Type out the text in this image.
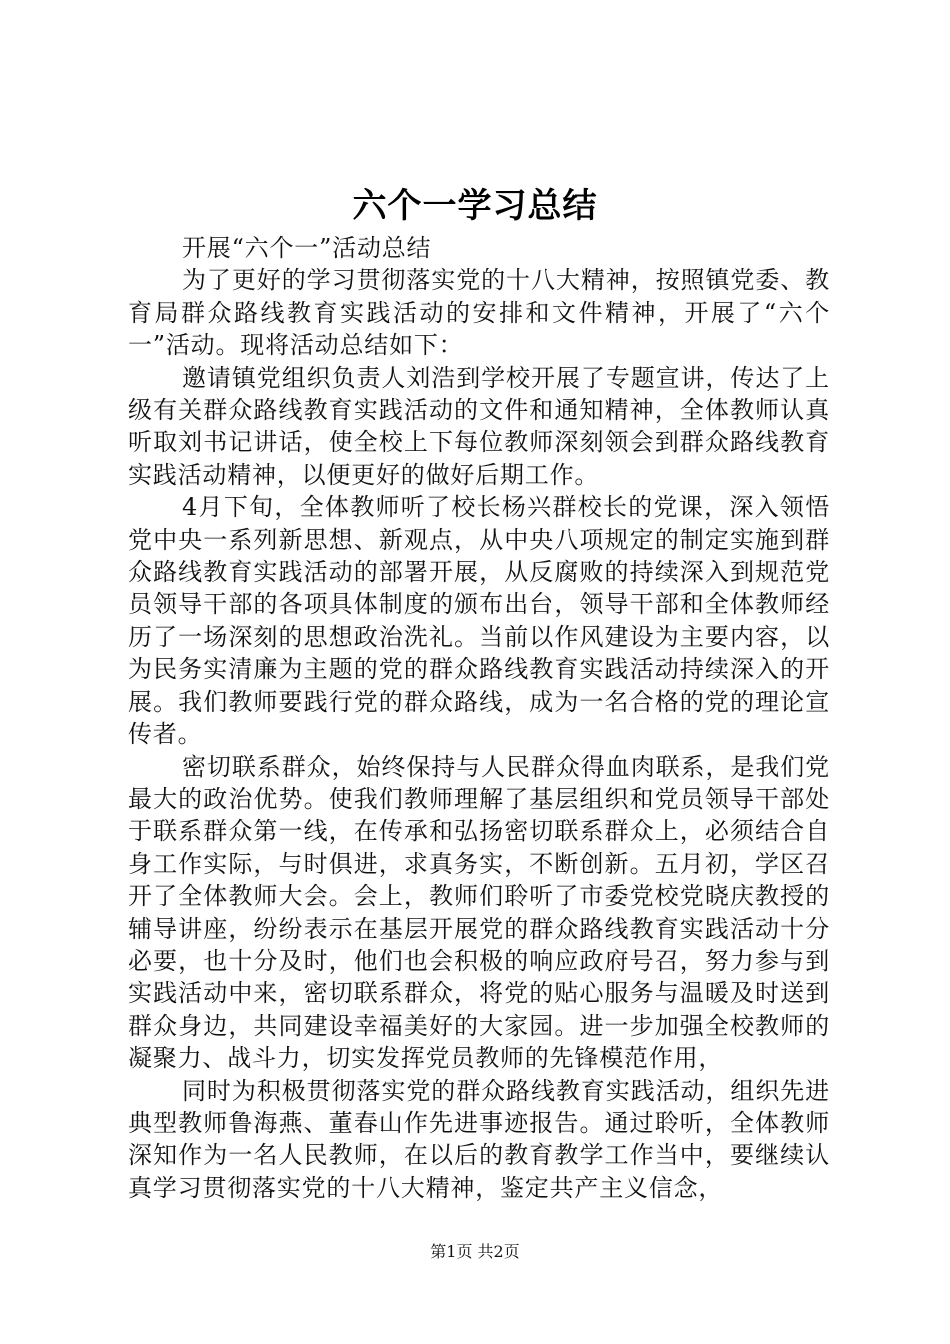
六个一学习总结

开展“六个一”活动总结

为了更好的学习贯彻落实党的十八大精神，按照镇党委、教育局群众路线教育实践活动的安排和文件精神，开展了“六个一”活动。现将活动总结如下：

邀请镇党组织负责人刘浩到学校开展了专题宣讲，传达了上级有关群众路线教育实践活动的文件和通知精神，全体教师认真听取刘书记讲话，使全校上下每位教师深刻领会到群众路线教育实践活动精神，以便更好的做好后期工作。

4月下旬，全体教师听了校长杨兴群校长的党课，深入领悟党中央一系列新思想、新观点，从中央八项规定的制定实施到群众路线教育实践活动的部署开展，从反腐败的持续深入到规范党员领导干部的各项具体制度的颁布出台，领导干部和全体教师经历了一场深刻的思想政治洗礼。当前以作风建设为主要内容，以为民务实清廉为主题的党的群众路线教育实践活动持续深入的开展。我们教师要践行党的群众路线，成为一名合格的党的理论宣传者。

密切联系群众，始终保持与人民群众得血肉联系，是我们党最大的政治优势。使我们教师理解了基层组织和党员领导干部处于联系群众第一线，在传承和弘扬密切联系群众上，必须结合自身工作实际，与时俱进，求真务实，不断创新。五月初，学区召开了全体教师大会。会上，教师们聆听了市委党校党晓庆教授的辅导讲座，纷纷表示在基层开展党的群众路线教育实践活动十分必要，也十分及时，他们也会积极的响应政府号召，努力参与到实践活动中来，密切联系群众，将党的贴心服务与温暖及时送到群众身边，共同建设幸福美好的大家园。进一步加强全校教师的凝聚力、战斗力，切实发挥党员教师的先锋模范作用，

同时为积极贯彻落实党的群众路线教育实践活动，组织先进典型教师鲁海燕、董春山作先进事迹报告。通过聆听，全体教师深知作为一名人民教师，在以后的教育教学工作当中，要继续认真学习贯彻落实党的十八大精神，鉴定共产主义信念，

第1页 共2页
